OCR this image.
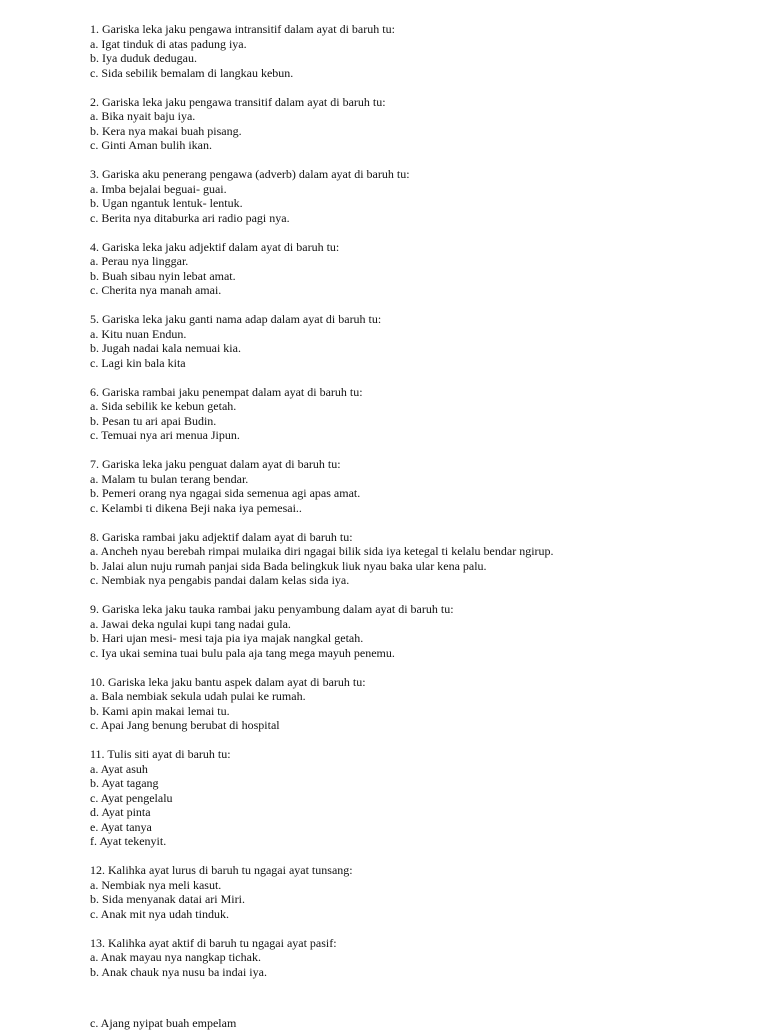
1. Gariska leka jaku pengawa intransitif dalam ayat di baruh tu:
a. Igat tinduk di atas padung iya.
b. Iya duduk dedugau.
c. Sida sebilik bemalam di langkau kebun.
2. Gariska leka jaku pengawa transitif dalam ayat di baruh tu:
a. Bika nyait baju iya.
b. Kera nya makai buah pisang.
c. Ginti Aman bulih ikan.
3. Gariska aku penerang pengawa (adverb) dalam ayat di baruh tu:
a. Imba bejalai beguai- guai.
b. Ugan ngantuk lentuk- lentuk.
c. Berita nya ditaburka ari radio pagi nya.
4. Gariska leka jaku adjektif dalam ayat di baruh tu:
a. Perau nya linggar.
b. Buah sibau nyin lebat amat.
c. Cherita nya manah amai.
5. Gariska leka jaku ganti nama adap dalam ayat di baruh tu:
a. Kitu nuan Endun.
b. Jugah nadai kala nemuai kia.
c. Lagi kin bala kita
6. Gariska rambai jaku penempat dalam ayat di baruh tu:
a. Sida sebilik ke kebun getah.
b. Pesan tu ari apai Budin.
c. Temuai nya ari menua Jipun.
7. Gariska leka jaku penguat dalam ayat di baruh tu:
a. Malam tu bulan terang bendar.
b. Pemeri orang nya ngagai sida semenua agi apas amat.
c. Kelambi ti dikena Beji naka iya pemesai..
8. Gariska rambai jaku adjektif dalam ayat di baruh tu:
a. Ancheh nyau berebah rimpai mulaika diri ngagai bilik sida iya ketegal ti kelalu bendar ngirup.
b. Jalai alun nuju rumah panjai sida Bada belingkuk liuk nyau baka ular kena palu.
c. Nembiak nya pengabis pandai dalam kelas sida iya.
9. Gariska leka jaku tauka rambai jaku penyambung dalam ayat di baruh tu:
a. Jawai deka ngulai kupi tang nadai gula.
b. Hari ujan mesi- mesi taja pia iya majak nangkal getah.
c. Iya ukai semina tuai bulu pala aja tang mega mayuh penemu.
10. Gariska leka jaku bantu aspek dalam ayat di baruh tu:
a. Bala nembiak sekula udah pulai ke rumah.
b. Kami apin makai lemai tu.
c. Apai Jang benung berubat di hospital
11. Tulis siti ayat di baruh tu:
a. Ayat asuh
b. Ayat tagang
c. Ayat pengelalu
d. Ayat pinta
e. Ayat tanya
f. Ayat tekenyit.
12. Kalihka ayat lurus di baruh tu ngagai ayat tunsang:
a. Nembiak nya meli kasut.
b. Sida menyanak datai ari Miri.
c. Anak mit nya udah tinduk.
13. Kalihka ayat aktif di baruh tu ngagai ayat pasif:
a. Anak mayau nya nangkap tichak.
b. Anak chauk nya nusu ba indai iya.
c. Ajang nyipat buah empelam
